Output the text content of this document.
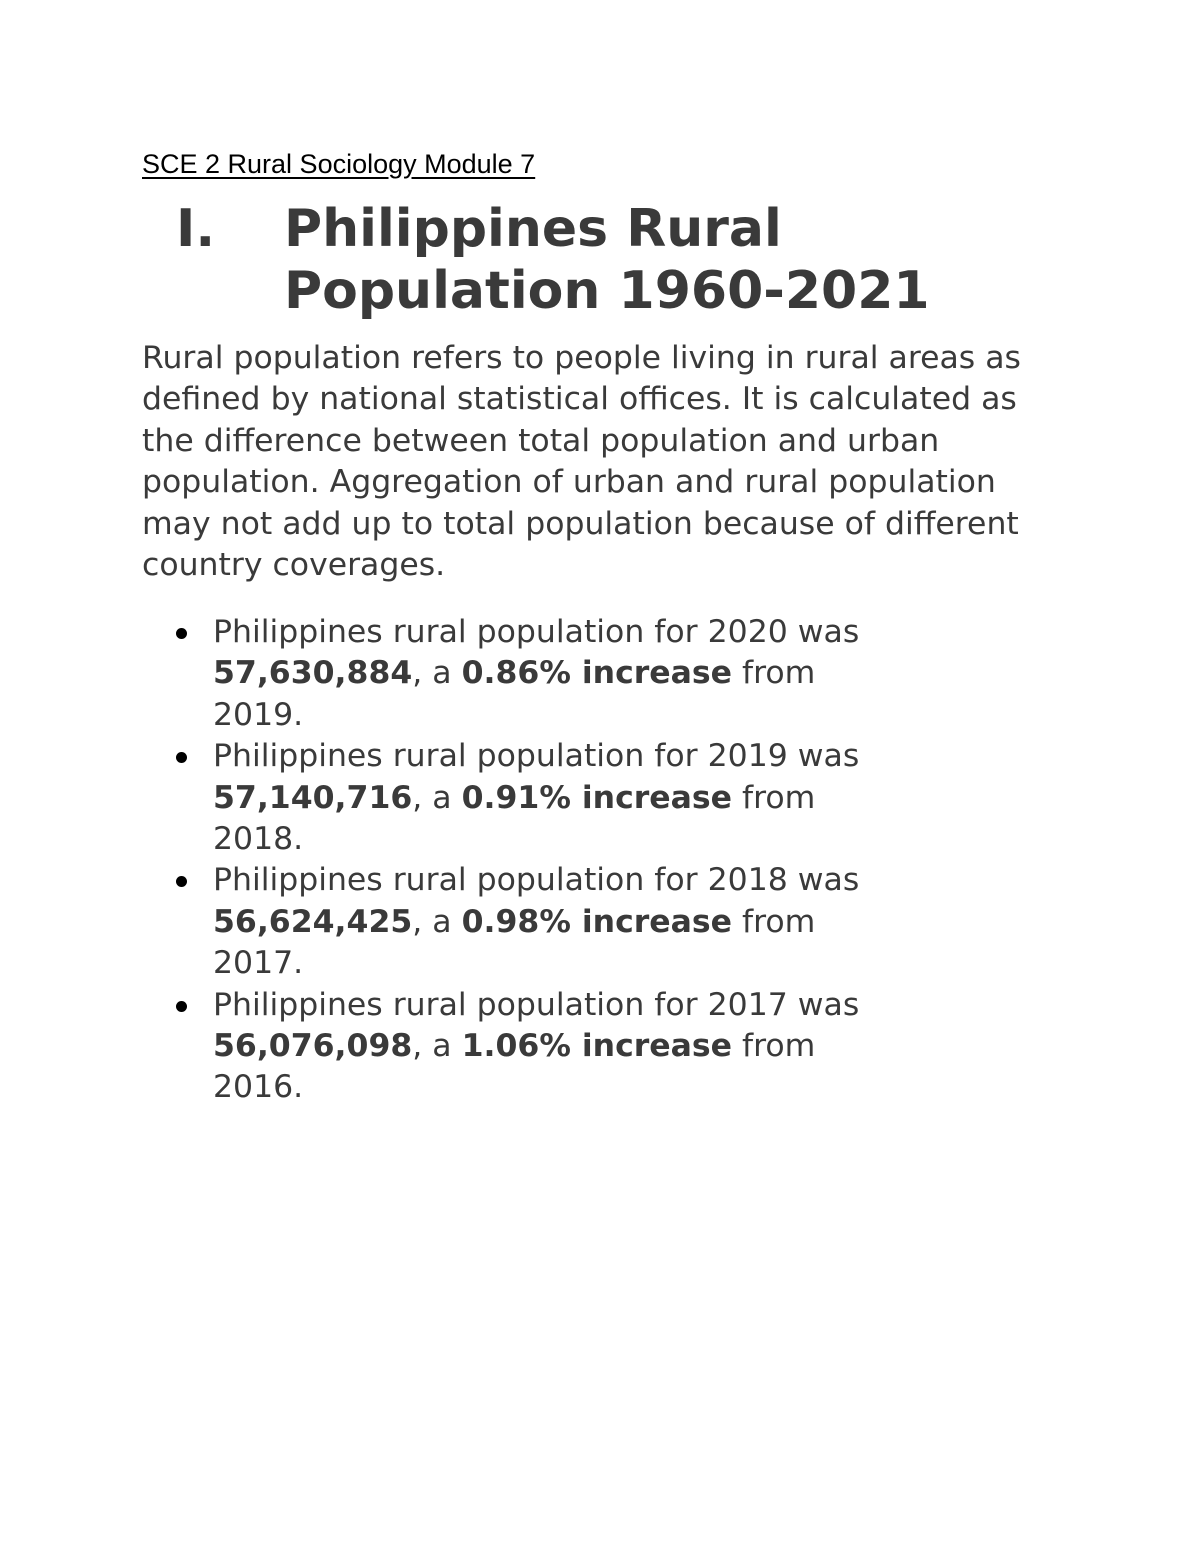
SCE 2 Rural Sociology Module 7
I. Philippines Rural Population 1960-2021

Rural population refers to people living in rural areas as defined by national statistical offices. It is calculated as the difference between total population and urban population. Aggregation of urban and rural population may not add up to total population because of different country coverages.

Philippines rural population for 2020 was 57,630,884, a 0.86% increase from 2019.
Philippines rural population for 2019 was 57,140,716, a 0.91% increase from 2018.
Philippines rural population for 2018 was 56,624,425, a 0.98% increase from 2017.
Philippines rural population for 2017 was 56,076,098, a 1.06% increase from 2016.
